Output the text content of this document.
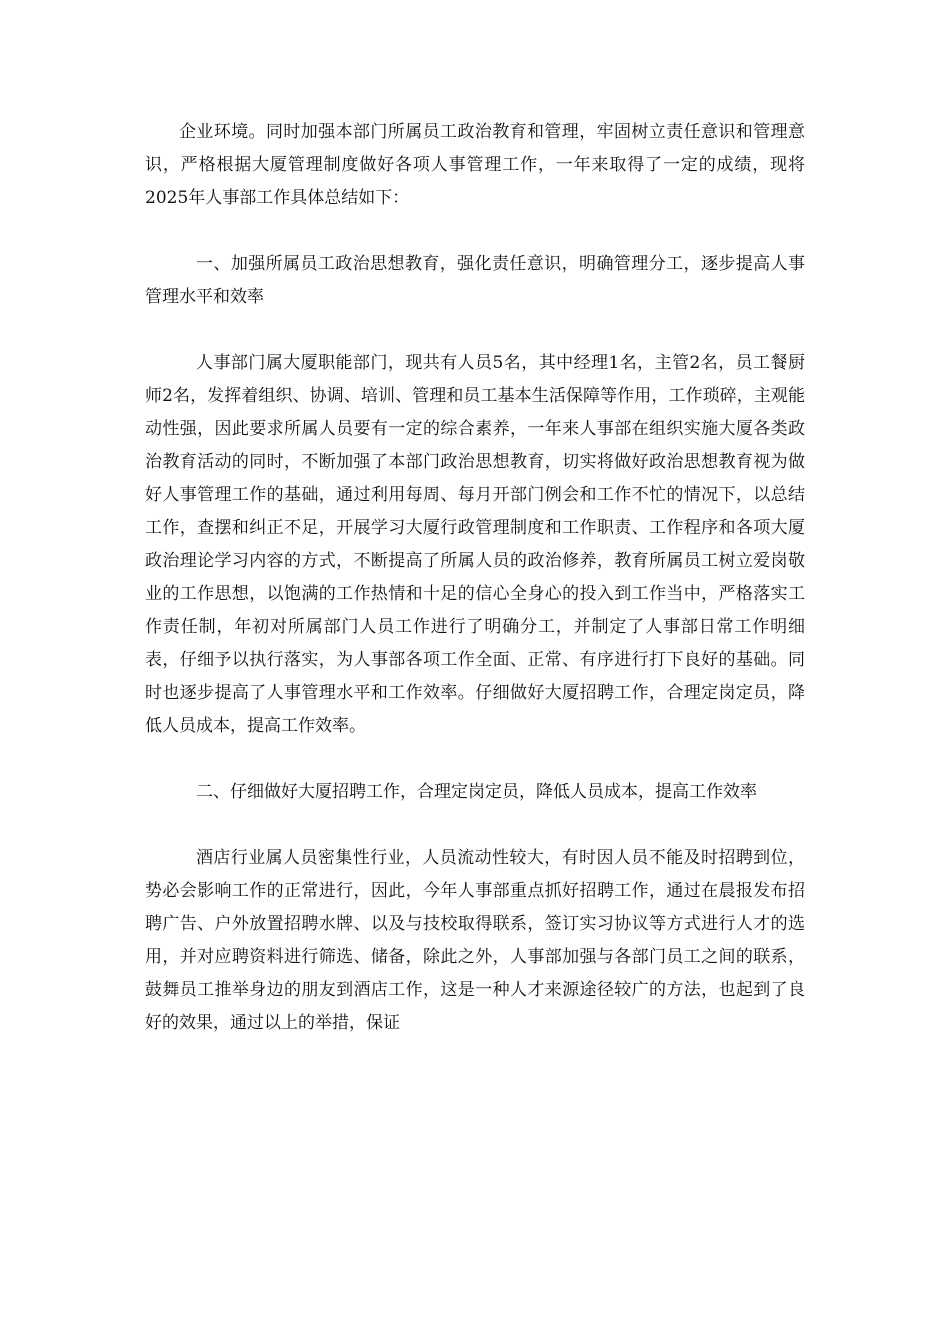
企业环境。同时加强本部门所属员工政治教育和管理，牢固树立责任意识和管理意识，严格根据大厦管理制度做好各项人事管理工作，一年来取得了一定的成绩，现将2025年人事部工作具体总结如下：

一、加强所属员工政治思想教育，强化责任意识，明确管理分工，逐步提高人事管理水平和效率

人事部门属大厦职能部门，现共有人员5名，其中经理1名，主管2名，员工餐厨师2名，发挥着组织、协调、培训、管理和员工基本生活保障等作用，工作琐碎，主观能动性强，因此要求所属人员要有一定的综合素养，一年来人事部在组织实施大厦各类政治教育活动的同时，不断加强了本部门政治思想教育，切实将做好政治思想教育视为做好人事管理工作的基础，通过利用每周、每月开部门例会和工作不忙的情况下，以总结工作，查摆和纠正不足，开展学习大厦行政管理制度和工作职责、工作程序和各项大厦政治理论学习内容的方式，不断提高了所属人员的政治修养，教育所属员工树立爱岗敬业的工作思想，以饱满的工作热情和十足的信心全身心的投入到工作当中，严格落实工作责任制，年初对所属部门人员工作进行了明确分工，并制定了人事部日常工作明细表，仔细予以执行落实，为人事部各项工作全面、正常、有序进行打下良好的基础。同时也逐步提高了人事管理水平和工作效率。仔细做好大厦招聘工作，合理定岗定员，降低人员成本，提高工作效率。

二、仔细做好大厦招聘工作，合理定岗定员，降低人员成本，提高工作效率

酒店行业属人员密集性行业，人员流动性较大，有时因人员不能及时招聘到位，势必会影响工作的正常进行，因此，今年人事部重点抓好招聘工作，通过在晨报发布招聘广告、户外放置招聘水牌、以及与技校取得联系，签订实习协议等方式进行人才的选用，并对应聘资料进行筛选、储备，除此之外，人事部加强与各部门员工之间的联系，鼓舞员工推举身边的朋友到酒店工作，这是一种人才来源途径较广的方法，也起到了良好的效果，通过以上的举措，保证
